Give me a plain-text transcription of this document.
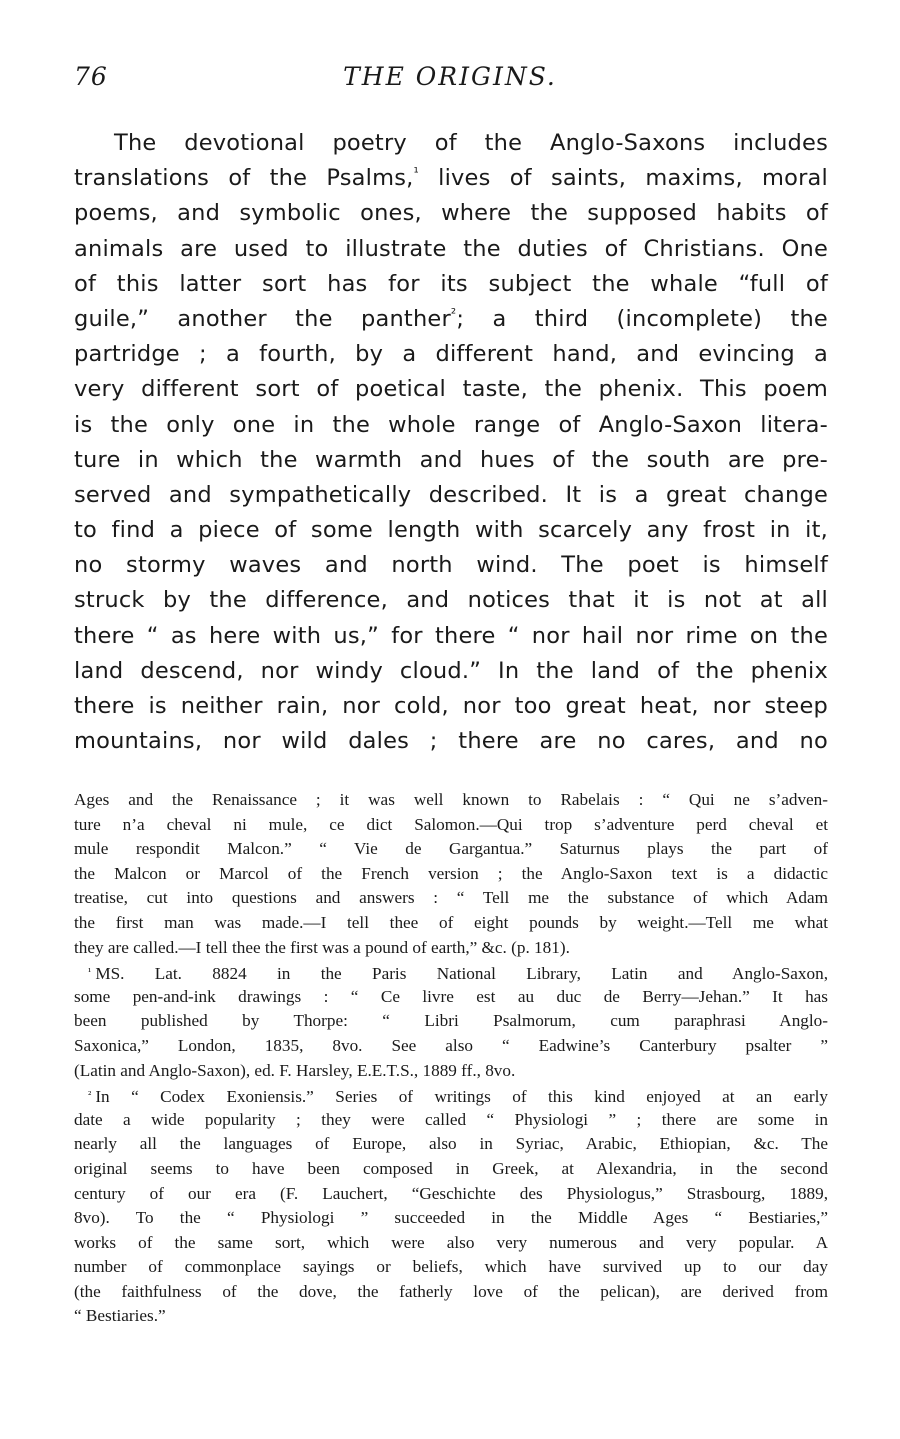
76	THE ORIGINS.
The devotional poetry of the Anglo-Saxons includes
translations of the Psalms,$^{^1}$ lives of saints, maxims, moral
poems, and symbolic ones, where the supposed habits of
animals are used to illustrate the duties of Christians. One
of this latter sort has for its subject the whale “full of
guile,” another the panther$^{^2}$; a third (incomplete) the
partridge ; a fourth, by a different hand, and evincing a
very different sort of poetical taste, the phenix. This poem
is the only one in the whole range of Anglo-Saxon litera-
ture in which the warmth and hues of the south are pre-
served and sympathetically described. It is a great change
to find a piece of some length with scarcely any frost in it,
no stormy waves and north wind. The poet is himself
struck by the difference, and notices that it is not at all
there “ as here with us,” for there “ nor hail nor rime on the
land descend, nor windy cloud.” In the land of the phenix
there is neither rain, nor cold, nor too great heat, nor steep
mountains, nor wild dales ; there are no cares, and no
Ages and the Renaissance ; it was well known to Rabelais : “ Qui ne s’adven-
ture n’a cheval ni mule, ce dict Salomon.—Qui trop s’adventure perd cheval et
mule respondit Malcon.” “ Vie de Gargantua.” Saturnus plays the part of
the Malcon or Marcol of the French version ; the Anglo-Saxon text is a didactic
treatise, cut into questions and answers : “ Tell me the substance of which Adam
the first man was made.—I tell thee of eight pounds by weight.—Tell me what
they are called.—I tell thee the first was a pound of earth,” &c. (p. 181).
$^{^1}$ MS. Lat. 8824 in the Paris National Library, Latin and Anglo-Saxon,
some pen-and-ink drawings : “ Ce livre est au duc de Berry—Jehan.” It has
been published by Thorpe: “ Libri Psalmorum, cum paraphrasi Anglo-
Saxonica,” London, 1835, 8vo. See also “ Eadwine’s Canterbury psalter ”
(Latin and Anglo-Saxon), ed. F. Harsley, E.E.T.S., 1889 ff., 8vo.
$^{^2}$ In “ Codex Exoniensis.” Series of writings of this kind enjoyed at an early
date a wide popularity ; they were called “ Physiologi ” ; there are some in
nearly all the languages of Europe, also in Syriac, Arabic, Ethiopian, &c. The
original seems to have been composed in Greek, at Alexandria, in the second
century of our era (F. Lauchert, “Geschichte des Physiologus,” Strasbourg, 1889,
8vo). To the “ Physiologi ” succeeded in the Middle Ages “ Bestiaries,”
works of the same sort, which were also very numerous and very popular. A
number of commonplace sayings or beliefs, which have survived up to our day
(the faithfulness of the dove, the fatherly love of the pelican), are derived from
“ Bestiaries.”
